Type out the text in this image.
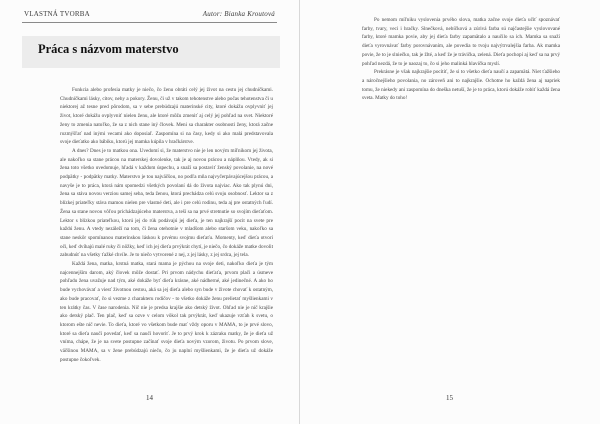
VLASTNÁ TVORBA	Autor: Bianka Kroutová
Práca s názvom materstvo

Funkcia alebo profesia matky je niečo, čo ženu obráti celý jej život na cestu jej chudničkami. Chudničkami lásky, citov, nehy a pokory. Ženu, či už v takom tehotenstve alebo počas tehotenstva či u niektorej až tesne pred pôrodom, sa v sebe prebúdzajú materinské city, ktoré dokážu ovplyvniť jej život, ktoré dokážu ovplyvniť nielen ženu, ale ktoré môžu zmeniť aj celý jej pohľad na svet. Niektoré ženy to zmenia natoľko, že sa z nich stane iný človek. Meni sa charakter osobnosti ženy, ktorá začne rozmýšľať nad inými vecami ako doposiaľ. Zaspomína si na časy, kedy si ako malá predstavovala svoje dieťatko ako bábiku, ktorú jej mamka kúpila v hračkárstve.

A dnes? Dnes je to matkou ona. Uvedomí si, že materstvo nie je len novým míľnikom jej života, ale nakoľko sa stane prácou na materskej dovolenke, tak je aj novou prácou a náplňou. Vtedy, ak si žena toto všetko uvedomuje, hľadá v každom úspechu, a snaží sa postaviť ženský povolanie, na nové podpätky - podpätky matky. Materstvo je tou najväčšou, no podľa mňa najvyčerpávajúcejšou prácou, a navyše je to práca, ktorá nám spomedzi všetkých povolaní dá do života najviac. Ako tak plynú dni, žena sa stáva novou verziou samej seba, teda ženou, ktorá prechádza celú svoju osobnosť. Lektor sa z blízkej priateľky stáva mamou nielen pre vlastné deti, ale i pre celú rodinu, teda aj pre ostatných ľudí. Žena sa stane novou vôľou prichádzajúceho materstva, a teší sa na prvé stretnutie so svojím dieťaťom. Lektor s blízkou priateľkou, ktorú jej do rúk podávajú jej dieťa, je ten najkrajší pocit na svete pre každú ženu. A vtedy nezáleží na tom, či žena otehotnie v mladšom alebo staršom veku, nakoľko sa stane neskôr spomínanou materinskou láskou k prvému svojmu dieťaťu. Momenty, keď dieťa otvorí oči, keď dvíhajú malé ruky či nôžky, keď ich jej dieťa prvýkrát chytí, je niečo, čo dokáže matke dovolit zabudnúť na všetky ťažké chvíle. Je to niečo vytvorené z nej, z jej lásky, z jej srdca, jej tela.

Každá žena, matka, krstná matka, stará mama je pýchou na svoje deti, nakoľko dieťa je tým najcennejším darom, aký človek môže dostať. Pri prvom nádychu dieťaťa, prvom plači a úsmeve pohľadu žena uvažuje nad tým, aké dokáže byť dieťa krásne, aké nádherné, aké jedinečné. A ako ho bude vychovávať a viesť životnou cestou, aká sa jej dieťa alebo syn bude v živote chovať k ostatným, ako bude pracovať, čo si vezme z charakteru rodičov - to všetko dokáže ženu prelietať myšlienkami v ten krátky čas. V čase narodenia. Nič nie je predsa krajšie ako detský život. Ohľad nie je nič krajšie ako detský plač. Ten plač, keď sa ozve v celom vôkol tak prvýkrát, keď ukazuje vzťah k svetu, o ktorom ešte nič nevie. To dieťa, ktoré vo všetkom bude mať vždy oporu v MAMA, to je prvé slovo, ktoré sa dieťa naučí povedať, keď sa naučí hovoriť. Je to prvý krok k zázraku matky, že je dieťa už vníma, chápe, že je na svete postupne začínať svoje dieťa novým vzorom, životu. Po prvom slove, väčšinou MAMA, sa v žene prebúdzajú niečo, čo ju naplní myšlienkami, že je dieťa už dokáže postupne čokoľvek.

14

Po nemom míľniku vyslovenia prvého slova, matka začne svoje dieťa učiť spoznávať farby, tvary, veci i hračky. Slnečková, nebíčková a zúrivá farba sú najčastejšie vyslovované farby, ktoré mamka povie, aby jej dieťa farby zapamätalo a naučilo sa ich. Mamka sa snaží dieťa vyrovnávať farby porovnávaním, ale povedia to tvoju najvýtrvalejšia farba. Ak mamka povie, že to je slniečko, tak je žlté, a keď že je trávička, zelená. Dieťa pochopí aj keď sa na prvý pohľad nezdá, že to je naozaj to, čo si jeho malinká hlavička myslí.

Prekrásne je však najkrajšie pocítiť, že si to všetko dieťa naučí a zapamätá. Niet ťažšieho a náročnejšieho povolania, no zároveň ani to najkrajšie. Ochotne ho každá žena aj napriek tomu, že niekedy ani zaspomína do dneška netuší, že je to práca, ktorú dokáže robiť každá žena sveta. Matky do toho!

15
